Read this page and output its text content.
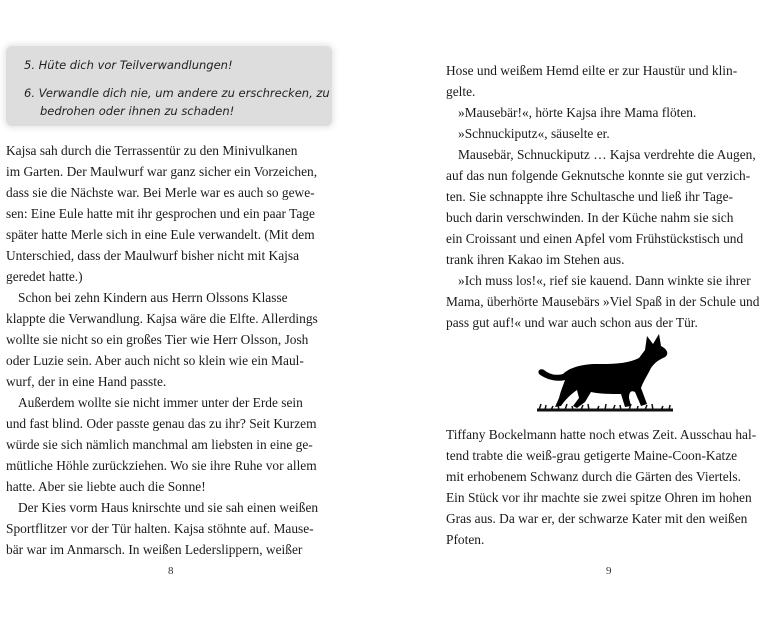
5. Hüte dich vor Teilverwandlungen!
6. Verwandle dich nie, um andere zu erschrecken, zu
bedrohen oder ihnen zu schaden!
Kajsa sah durch die Terrassentür zu den Minivulkanen
im Garten. Der Maulwurf war ganz sicher ein Vorzeichen,
dass sie die Nächste war. Bei Merle war es auch so gewe-
sen: Eine Eule hatte mit ihr gesprochen und ein paar Tage
später hatte Merle sich in eine Eule verwandelt. (Mit dem
Unterschied, dass der Maulwurf bisher nicht mit Kajsa
geredet hatte.)
Schon bei zehn Kindern aus Herrn Olssons Klasse
klappte die Verwandlung. Kajsa wäre die Elfte. Allerdings
wollte sie nicht so ein großes Tier wie Herr Olsson, Josh
oder Luzie sein. Aber auch nicht so klein wie ein Maul-
wurf, der in eine Hand passte.
Außerdem wollte sie nicht immer unter der Erde sein
und fast blind. Oder passte genau das zu ihr? Seit Kurzem
würde sie sich nämlich manchmal am liebsten in eine ge-
mütliche Höhle zurückziehen. Wo sie ihre Ruhe vor allem
hatte. Aber sie liebte auch die Sonne!
Der Kies vorm Haus knirschte und sie sah einen weißen
Sportflitzer vor der Tür halten. Kajsa stöhnte auf. Mause-
bär war im Anmarsch. In weißen Lederslippern, weißer
8
Hose und weißem Hemd eilte er zur Haustür und klin-
gelte.
»Mausebär!«, hörte Kajsa ihre Mama flöten.
»Schnuckiputz«, säuselte er.
Mausebär, Schnuckiputz … Kajsa verdrehte die Augen,
auf das nun folgende Geknutsche konnte sie gut verzich-
ten. Sie schnappte ihre Schultasche und ließ ihr Tage-
buch darin verschwinden. In der Küche nahm sie sich
ein Croissant und einen Apfel vom Frühstückstisch und
trank ihren Kakao im Stehen aus.
»Ich muss los!«, rief sie kauend. Dann winkte sie ihrer
Mama, überhörte Mausebärs »Viel Spaß in der Schule und
pass gut auf!« und war auch schon aus der Tür.
Tiffany Bockelmann hatte noch etwas Zeit. Ausschau hal-
tend trabte die weiß-grau getigerte Maine-Coon-Katze
mit erhobenem Schwanz durch die Gärten des Viertels.
Ein Stück vor ihr machte sie zwei spitze Ohren im hohen
Gras aus. Da war er, der schwarze Kater mit den weißen
Pfoten.
9
